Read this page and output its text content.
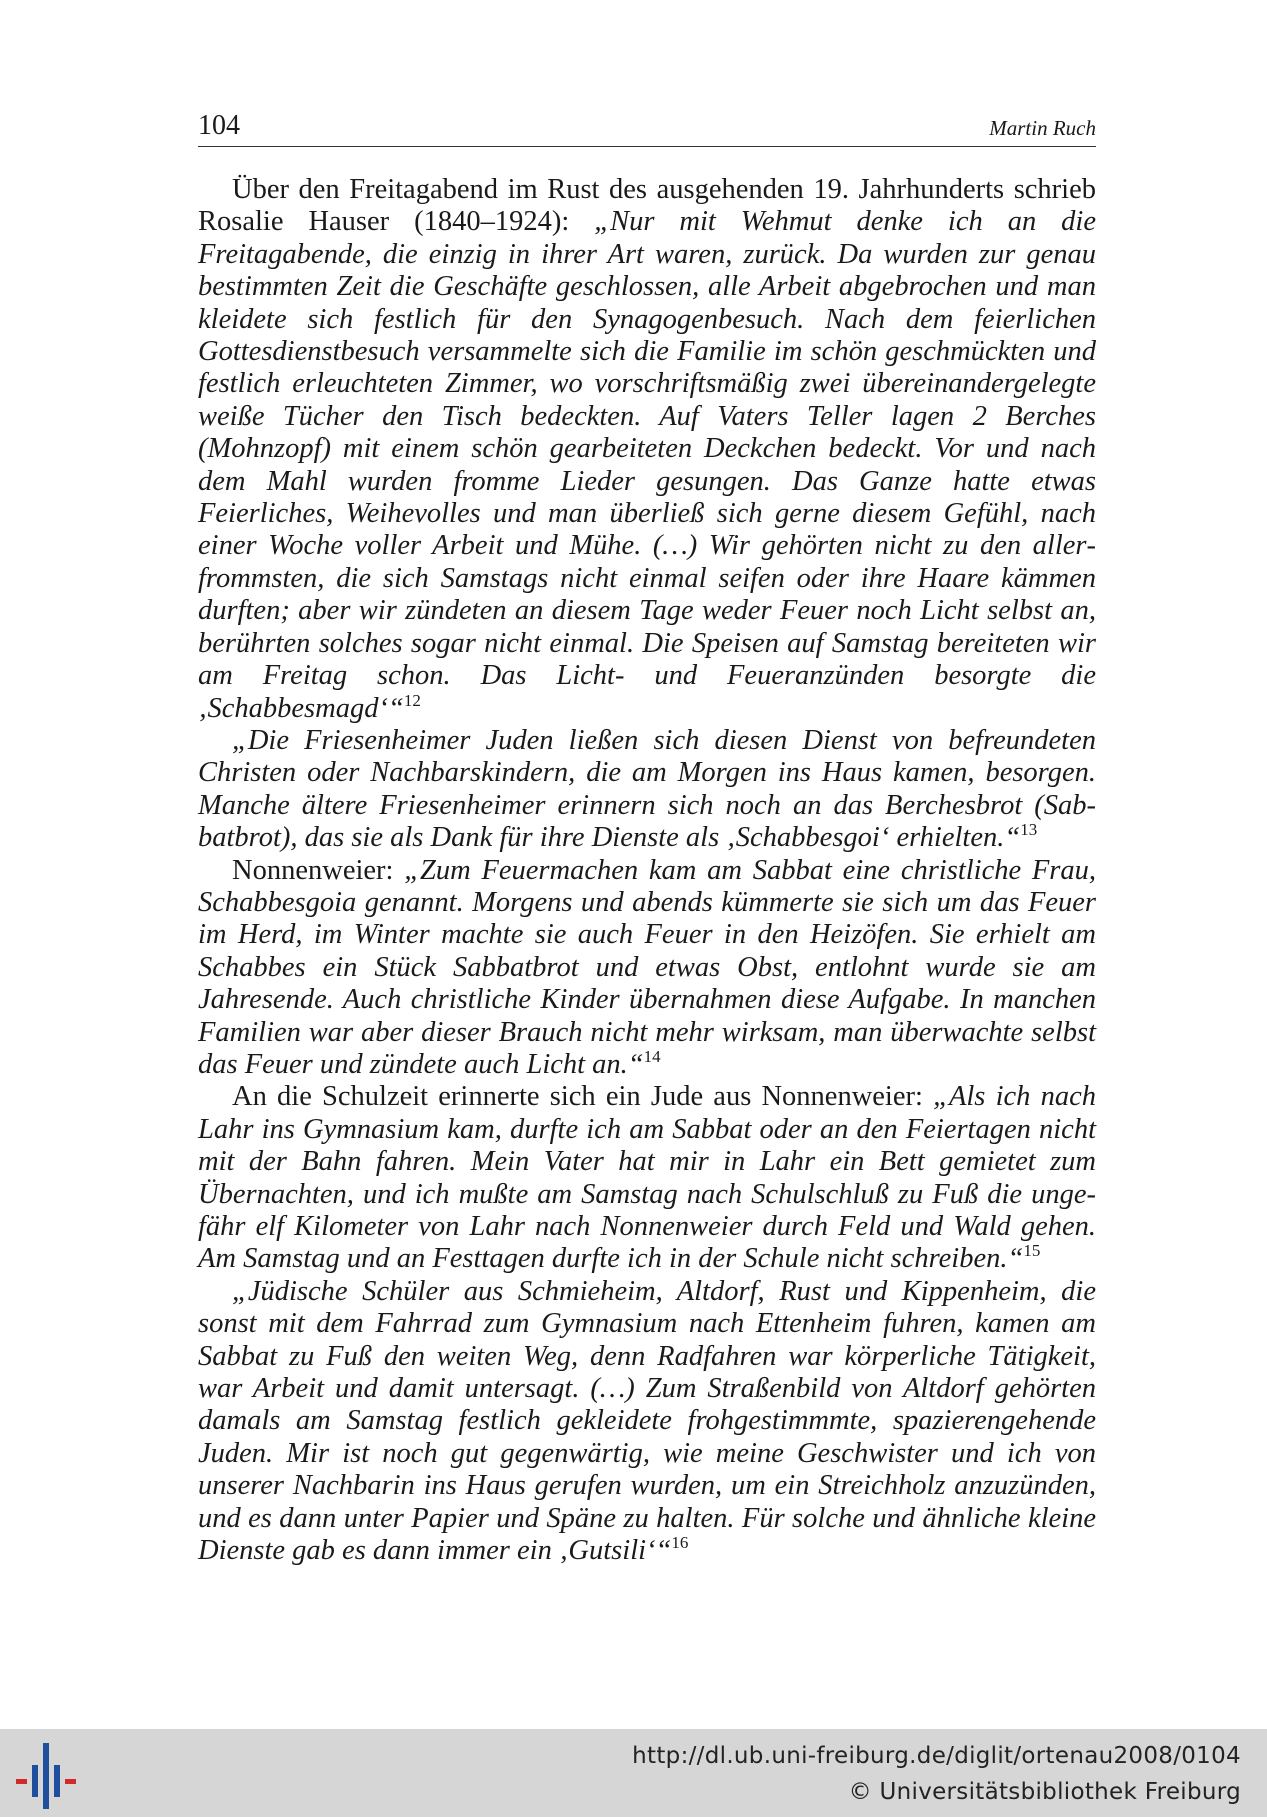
104	Martin Ruch

Über den Freitagabend im Rust des ausgehenden 19. Jahrhunderts schrieb Rosalie Hauser (1840–1924): „Nur mit Wehmut denke ich an die Freitagabende, die einzig in ihrer Art waren, zurück. Da wurden zur genau bestimmten Zeit die Geschäfte geschlossen, alle Arbeit abgebrochen und man kleidete sich festlich für den Synagogenbesuch. Nach dem feierlichen Gottesdienstbesuch versammelte sich die Familie im schön geschmückten und festlich erleuchteten Zimmer, wo vorschriftsmäßig zwei übereinandergelegte weiße Tücher den Tisch bedeckten. Auf Vaters Teller lagen 2 Berches (Mohnzopf) mit einem schön gearbeiteten Deckchen bedeckt. Vor und nach dem Mahl wurden fromme Lieder gesungen. Das Ganze hatte etwas Feierliches, Weihevolles und man überließ sich gerne diesem Gefühl, nach einer Woche voller Arbeit und Mühe. (…) Wir gehörten nicht zu den allerfrommsten, die sich Samstags nicht einmal seifen oder ihre Haare kämmen durften; aber wir zündeten an diesem Tage weder Feuer noch Licht selbst an, berührten solches sogar nicht einmal. Die Speisen auf Samstag bereiteten wir am Freitag schon. Das Licht- und Feueranzünden besorgte die ‚Schabbesmagd‘“$^{12}$

„Die Friesenheimer Juden ließen sich diesen Dienst von befreundeten Christen oder Nachbarskindern, die am Morgen ins Haus kamen, besorgen. Manche ältere Friesenheimer erinnern sich noch an das Berchesbrot (Sabbatbrot), das sie als Dank für ihre Dienste als ‚Schabbesgoi‘ erhielten.“$^{13}$

Nonnenweier: „Zum Feuermachen kam am Sabbat eine christliche Frau, Schabbesgoia genannt. Morgens und abends kümmerte sie sich um das Feuer im Herd, im Winter machte sie auch Feuer in den Heizöfen. Sie erhielt am Schabbes ein Stück Sabbatbrot und etwas Obst, entlohnt wurde sie am Jahresende. Auch christliche Kinder übernahmen diese Aufgabe. In manchen Familien war aber dieser Brauch nicht mehr wirksam, man überwachte selbst das Feuer und zündete auch Licht an.“$^{14}$

An die Schulzeit erinnerte sich ein Jude aus Nonnenweier: „Als ich nach Lahr ins Gymnasium kam, durfte ich am Sabbat oder an den Feiertagen nicht mit der Bahn fahren. Mein Vater hat mir in Lahr ein Bett gemietet zum Übernachten, und ich mußte am Samstag nach Schulschluß zu Fuß die ungefähr elf Kilometer von Lahr nach Nonnenweier durch Feld und Wald gehen. Am Samstag und an Festtagen durfte ich in der Schule nicht schreiben.“$^{15}$

„Jüdische Schüler aus Schmieheim, Altdorf, Rust und Kippenheim, die sonst mit dem Fahrrad zum Gymnasium nach Ettenheim fuhren, kamen am Sabbat zu Fuß den weiten Weg, denn Radfahren war körperliche Tätigkeit, war Arbeit und damit untersagt. (…) Zum Straßenbild von Altdorf gehörten damals am Samstag festlich gekleidete frohgestimmmte, spazierengehende Juden. Mir ist noch gut gegenwärtig, wie meine Geschwister und ich von unserer Nachbarin ins Haus gerufen wurden, um ein Streichholz anzuzünden, und es dann unter Papier und Späne zu halten. Für solche und ähnliche kleine Dienste gab es dann immer ein ‚Gutsili‘“$^{16}$

http://dl.ub.uni-freiburg.de/diglit/ortenau2008/0104
© Universitätsbibliothek Freiburg
